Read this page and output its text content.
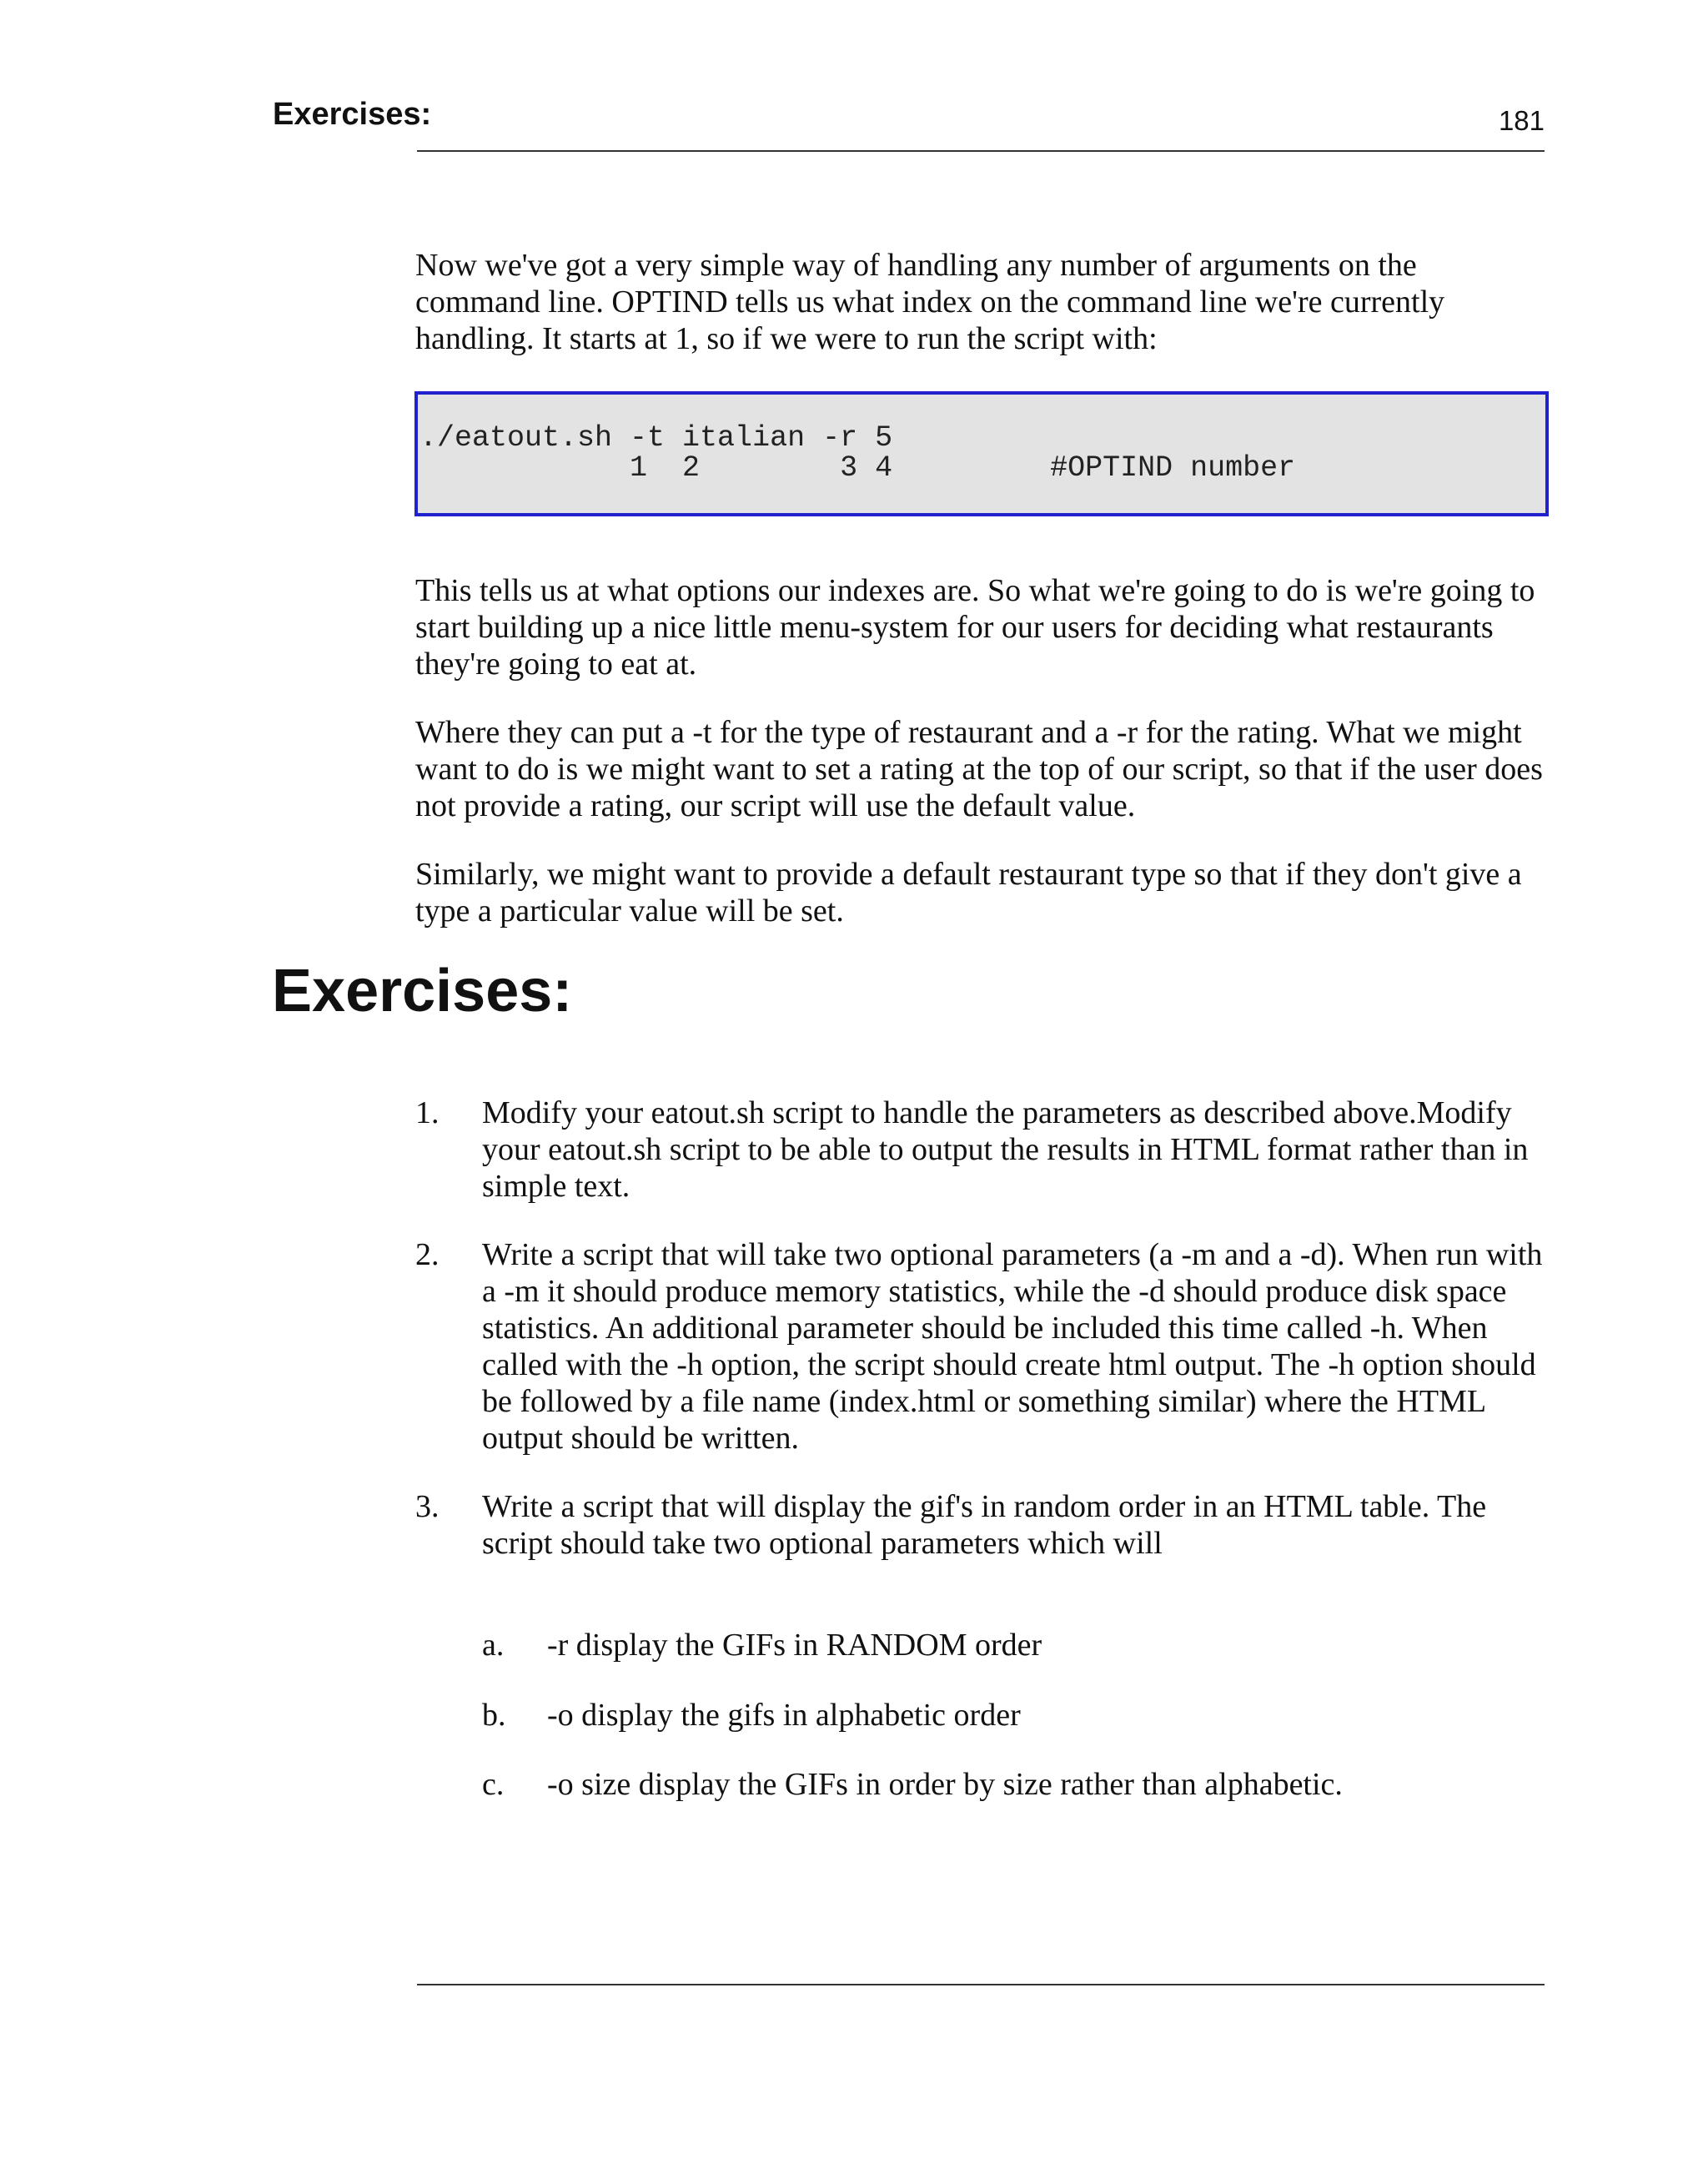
Exercises:	181

Now we've got a very simple way of handling any number of arguments on the command line. OPTIND tells us what index on the command line we're currently handling. It starts at 1, so if we were to run the script with:

./eatout.sh -t italian -r 5
1  2        3 4         #OPTIND number

This tells us at what options our indexes are. So what we're going to do is we're going to start building up a nice little menu-system for our users for deciding what restaurants they're going to eat at.

Where they can put a -t for the type of restaurant and a -r for the rating. What we might want to do is we might want to set a rating at the top of our script, so that if the user does not provide a rating, our script will use the default value.

Similarly, we might want to provide a default restaurant type so that if they don't give a type a particular value will be set.

Exercises:
1. Modify your eatout.sh script to handle the parameters as described above.Modify your eatout.sh script to be able to output the results in HTML format rather than in simple text.

2. Write a script that will take two optional parameters (a -m and a -d). When run with a -m it should produce memory statistics, while the -d should produce disk space statistics. An additional parameter should be included this time called -h. When called with the -h option, the script should create html output. The -h option should be followed by a file name (index.html or something similar) where the HTML output should be written.

3. Write a script that will display the gif's in random order in an HTML table. The script should take two optional parameters which will

a. -r display the GIFs in RANDOM order

b. -o display the gifs in alphabetic order

c. -o size display the GIFs in order by size rather than alphabetic.
